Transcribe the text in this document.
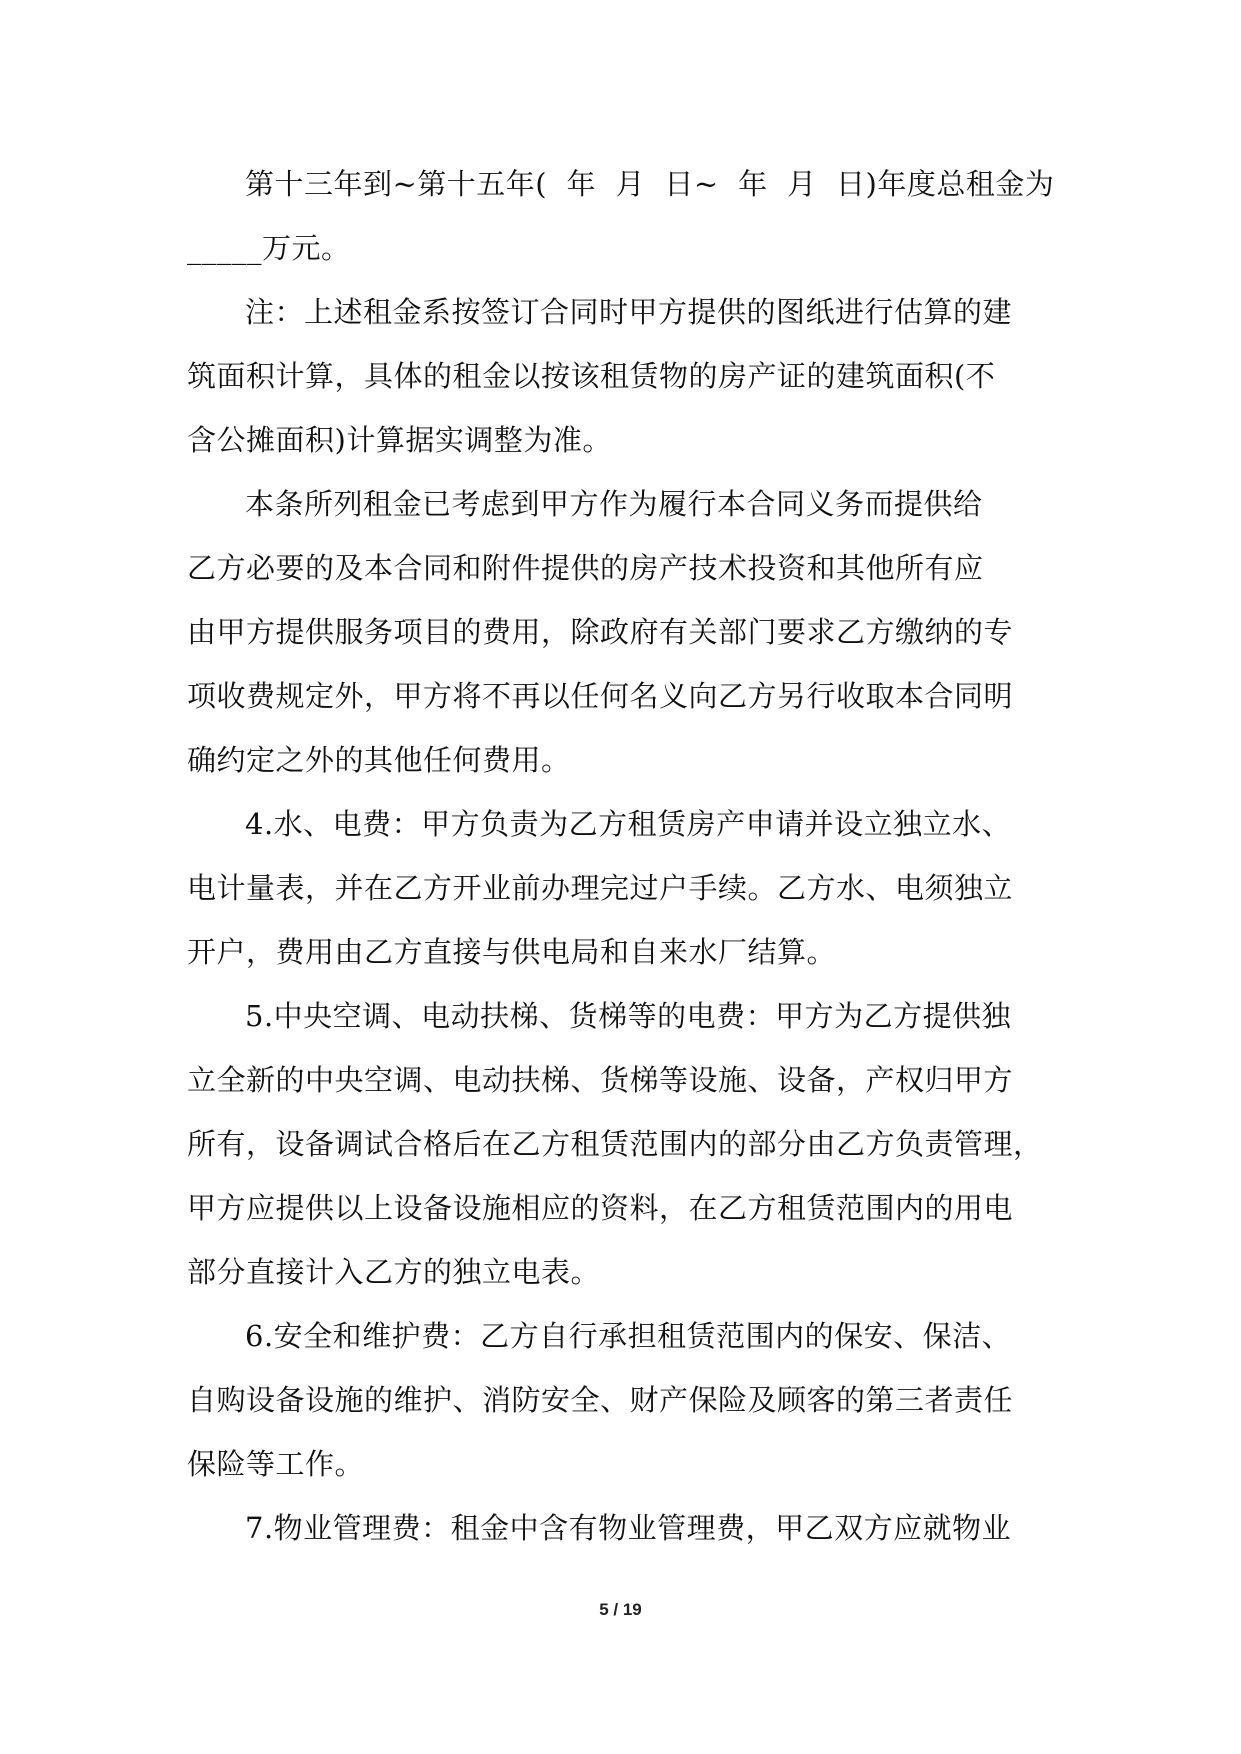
第十三年到~第十五年(  年  月  日~  年  月  日)年度总租金为
_____万元。
注：上述租金系按签订合同时甲方提供的图纸进行估算的建
筑面积计算，具体的租金以按该租赁物的房产证的建筑面积(不
含公摊面积)计算据实调整为准。
本条所列租金已考虑到甲方作为履行本合同义务而提供给
乙方必要的及本合同和附件提供的房产技术投资和其他所有应
由甲方提供服务项目的费用，除政府有关部门要求乙方缴纳的专
项收费规定外，甲方将不再以任何名义向乙方另行收取本合同明
确约定之外的其他任何费用。
4.水、电费：甲方负责为乙方租赁房产申请并设立独立水、
电计量表，并在乙方开业前办理完过户手续。乙方水、电须独立
开户，费用由乙方直接与供电局和自来水厂结算。
5.中央空调、电动扶梯、货梯等的电费：甲方为乙方提供独
立全新的中央空调、电动扶梯、货梯等设施、设备，产权归甲方
所有，设备调试合格后在乙方租赁范围内的部分由乙方负责管理，
甲方应提供以上设备设施相应的资料，在乙方租赁范围内的用电
部分直接计入乙方的独立电表。
6.安全和维护费：乙方自行承担租赁范围内的保安、保洁、
自购设备设施的维护、消防安全、财产保险及顾客的第三者责任
保险等工作。
7.物业管理费：租金中含有物业管理费，甲乙双方应就物业
5 / 19
